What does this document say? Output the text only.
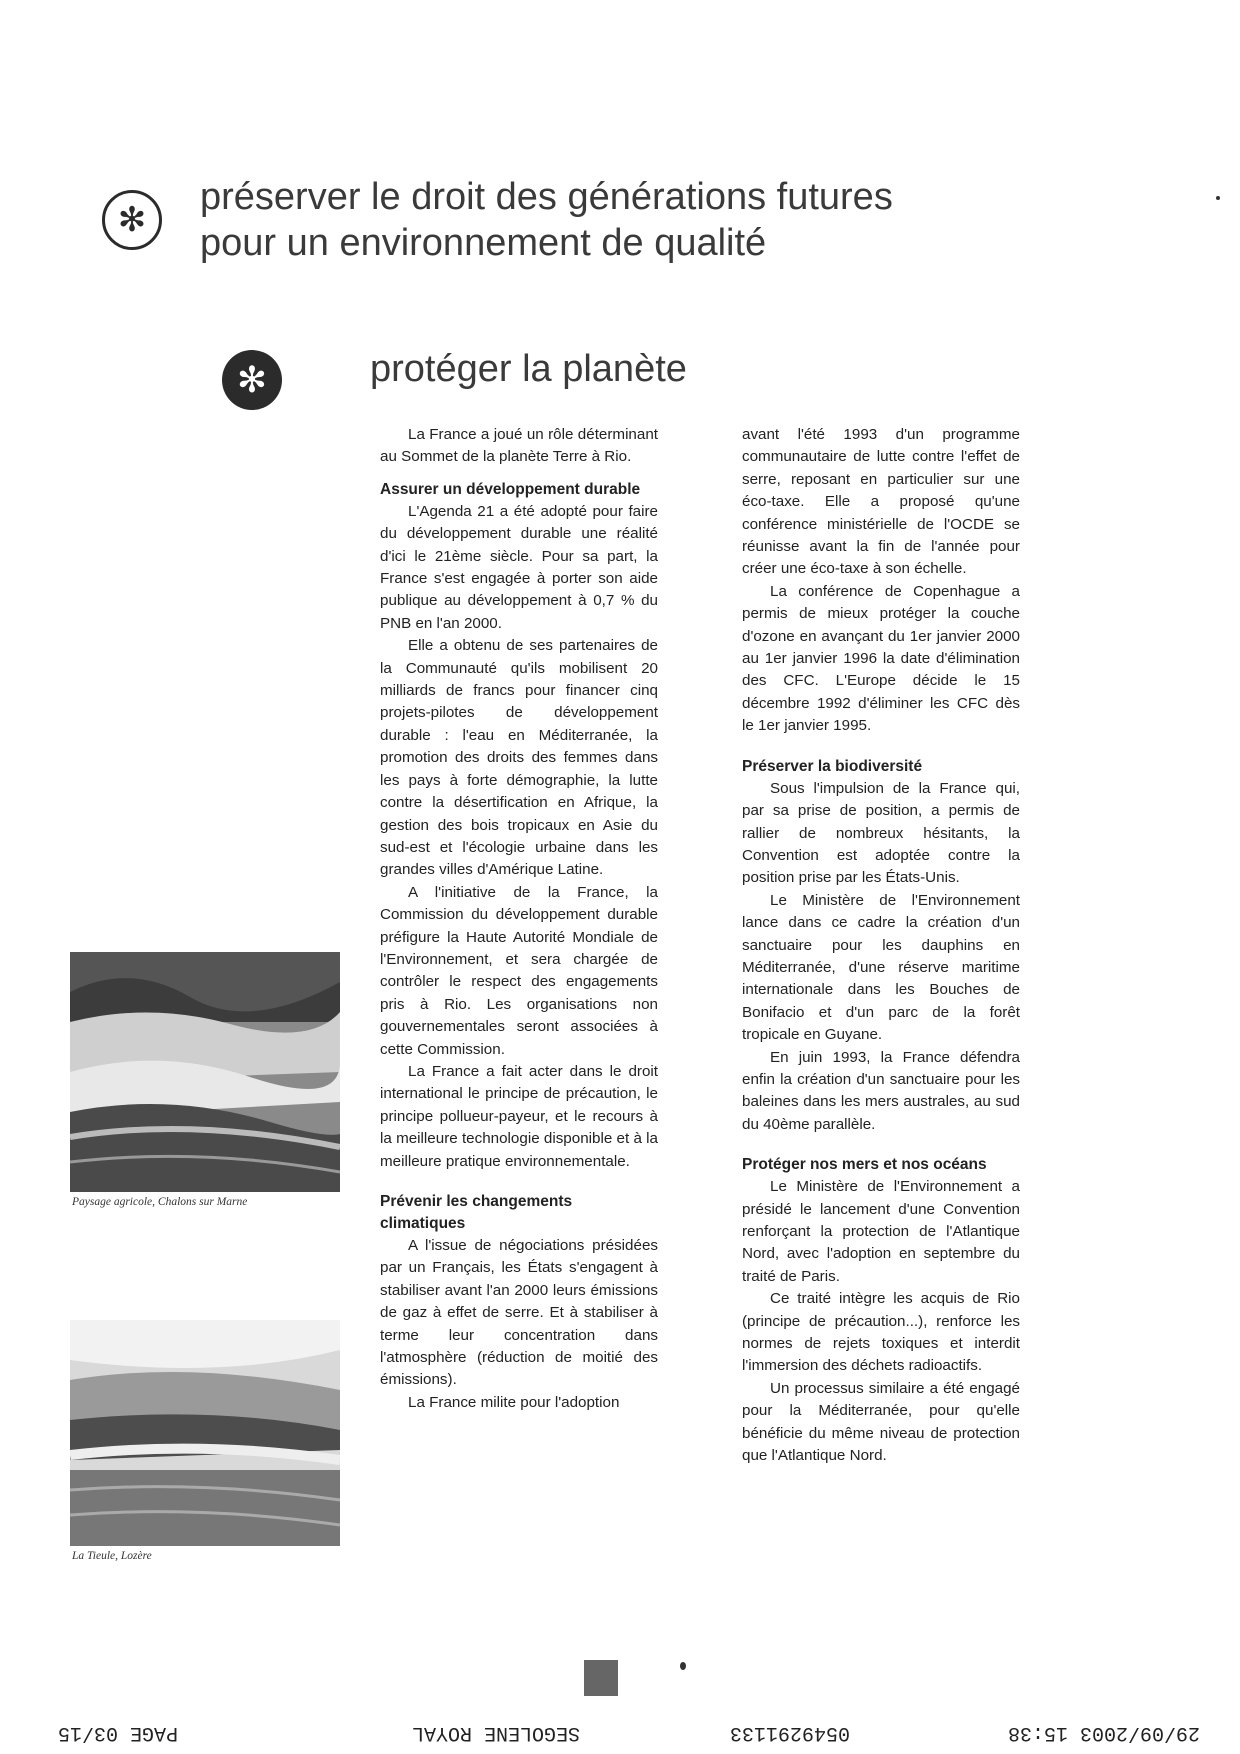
✻
préserver le droit des générations futures
pour un environnement de qualité
✻	protéger la planète
Paysage agricole, Chalons sur Marne
La Tieule, Lozère

La France a joué un rôle déterminant au Sommet de la planète Terre à Rio.

Assurer un développement durable

L'Agenda 21 a été adopté pour faire du développement durable une réalité d'ici le 21ème siècle. Pour sa part, la France s'est engagée à porter son aide publique au développement à 0,7 % du PNB en l'an 2000.

Elle a obtenu de ses partenaires de la Communauté qu'ils mobilisent 20 milliards de francs pour financer cinq projets-pilotes de développement durable : l'eau en Méditerranée, la promotion des droits des femmes dans les pays à forte démographie, la lutte contre la désertification en Afrique, la gestion des bois tropicaux en Asie du sud-est et l'écologie urbaine dans les grandes villes d'Amérique Latine.

A l'initiative de la France, la Commission du développement durable préfigure la Haute Autorité Mondiale de l'Environnement, et sera chargée de contrôler le respect des engagements pris à Rio. Les organisations non gouvernementales seront associées à cette Commission.

La France a fait acter dans le droit international le principe de précaution, le principe pollueur-payeur, et le recours à la meilleure technologie disponible et à la meilleure pratique environnementale.

Prévenir les changements climatiques

A l'issue de négociations présidées par un Français, les États s'engagent à stabiliser avant l'an 2000 leurs émissions de gaz à effet de serre. Et à stabiliser à terme leur concentration dans l'atmosphère (réduction de moitié des émissions).

La France milite pour l'adoption

avant l'été 1993 d'un programme communautaire de lutte contre l'effet de serre, reposant en particulier sur une éco-taxe. Elle a proposé qu'une conférence ministérielle de l'OCDE se réunisse avant la fin de l'année pour créer une éco-taxe à son échelle.

La conférence de Copenhague a permis de mieux protéger la couche d'ozone en avançant du 1er janvier 2000 au 1er janvier 1996 la date d'élimination des CFC. L'Europe décide le 15 décembre 1992 d'éliminer les CFC dès le 1er janvier 1995.

Préserver la biodiversité

Sous l'impulsion de la France qui, par sa prise de position, a permis de rallier de nombreux hésitants, la Convention est adoptée contre la position prise par les États-Unis.

Le Ministère de l'Environnement lance dans ce cadre la création d'un sanctuaire pour les dauphins en Méditerranée, d'une réserve maritime internationale dans les Bouches de Bonifacio et d'un parc de la forêt tropicale en Guyane.

En juin 1993, la France défendra enfin la création d'un sanctuaire pour les baleines dans les mers australes, au sud du 40ème parallèle.

Protéger nos mers et nos océans

Le Ministère de l'Environnement a présidé le lancement d'une Convention renforçant la protection de l'Atlantique Nord, avec l'adoption en septembre du traité de Paris.

Ce traité intègre les acquis de Rio (principe de précaution...), renforce les normes de rejets toxiques et interdit l'immersion des déchets radioactifs.

Un processus similaire a été engagé pour la Méditerranée, pour qu'elle bénéficie du même niveau de protection que l'Atlantique Nord.

29/09/2003 15:38
0549291133
SEGOLENE ROYAL
PAGE 03/15
